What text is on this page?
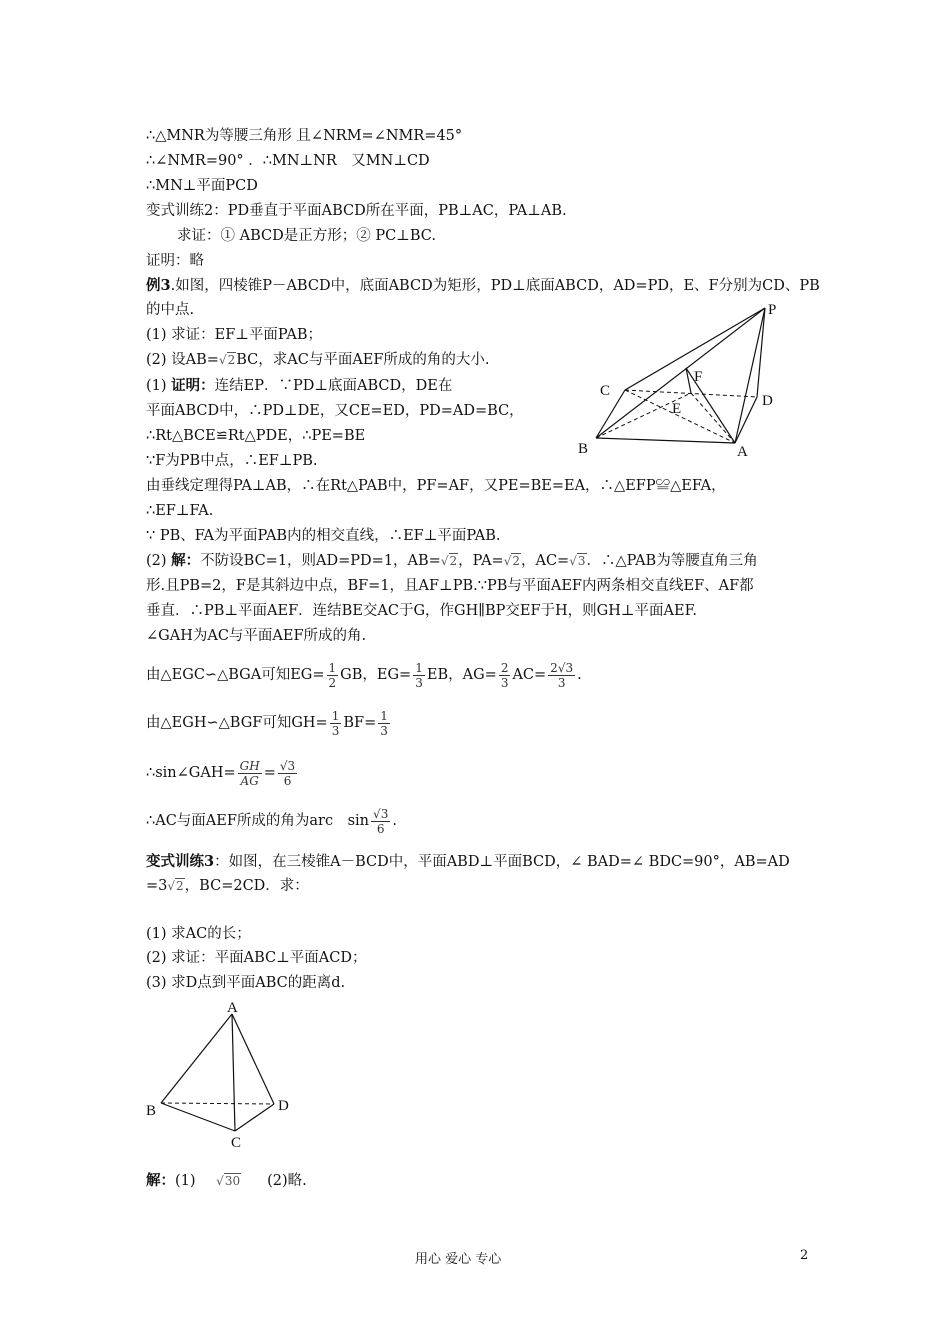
∴△MNR为等腰三角形 且∠NRM=∠NMR=45°
∴∠NMR=90° ．∴MN⊥NR　又MN⊥CD
∴MN⊥平面PCD
变式训练2：PD垂直于平面ABCD所在平面，PB⊥AC，PA⊥AB.
求证：① ABCD是正方形；② PC⊥BC.
证明：略
例3.如图，四棱锥P－ABCD中，底面ABCD为矩形，PD⊥底面ABCD，AD=PD，E、F分别为CD、PB
的中点.
(1) 求证：EF⊥平面PAB；
(2) 设AB=√2BC，求AC与平面AEF所成的角的大小.
(1) 证明：连结EP．∵PD⊥底面ABCD，DE在
平面ABCD中，∴PD⊥DE，又CE=ED，PD=AD=BC，
∴Rt△BCE≌Rt△PDE，∴PE=BE
∵F为PB中点，∴EF⊥PB.
由垂线定理得PA⊥AB，∴在Rt△PAB中，PF=AF，又PE=BE=EA，∴△EFP≌△EFA，
∴EF⊥FA.
∵ PB、FA为平面PAB内的相交直线，∴EF⊥平面PAB.
(2) 解：不防设BC=1，则AD=PD=1，AB=√2，PA=√2，AC=√3．∴△PAB为等腰直角三角
形.且PB=2，F是其斜边中点，BF=1，且AF⊥PB.∵PB与平面AEF内两条相交直线EF、AF都
垂直．∴PB⊥平面AEF．连结BE交AC于G，作GH∥BP交EF于H，则GH⊥平面AEF.
∠GAH为AC与平面AEF所成的角.
由△EGC∽△BGA可知$EG= \frac{1}{2}$ GB，$EG= \frac{1}{3}$ EB，$AG= \frac{2}{3} AC= \frac{2√3}{3}$ .
由△EGH∽△BGF可知$GH= \frac{1}{3} BF= \frac{1}{3}$
∴sin∠GAH= $\frac{GH}{AG} = \frac{√3}{6}$
∴AC与面AEF所成的角为arc　$\sin \frac{√3}{6}$ .
变式训练3：如图，在三棱锥A－BCD中，平面ABD⊥平面BCD，∠ BAD=∠ BDC=90°，AB=AD
=3√2，BC=2CD．求：
(1) 求AC的长；
(2) 求证：平面ABC⊥平面ACD；
(3) 求D点到平面ABC的距离d.
解：(1) √30 (2)略.
P
C
F
D
E
B	A
A
B	D
C
用心 爱心 专心	2
